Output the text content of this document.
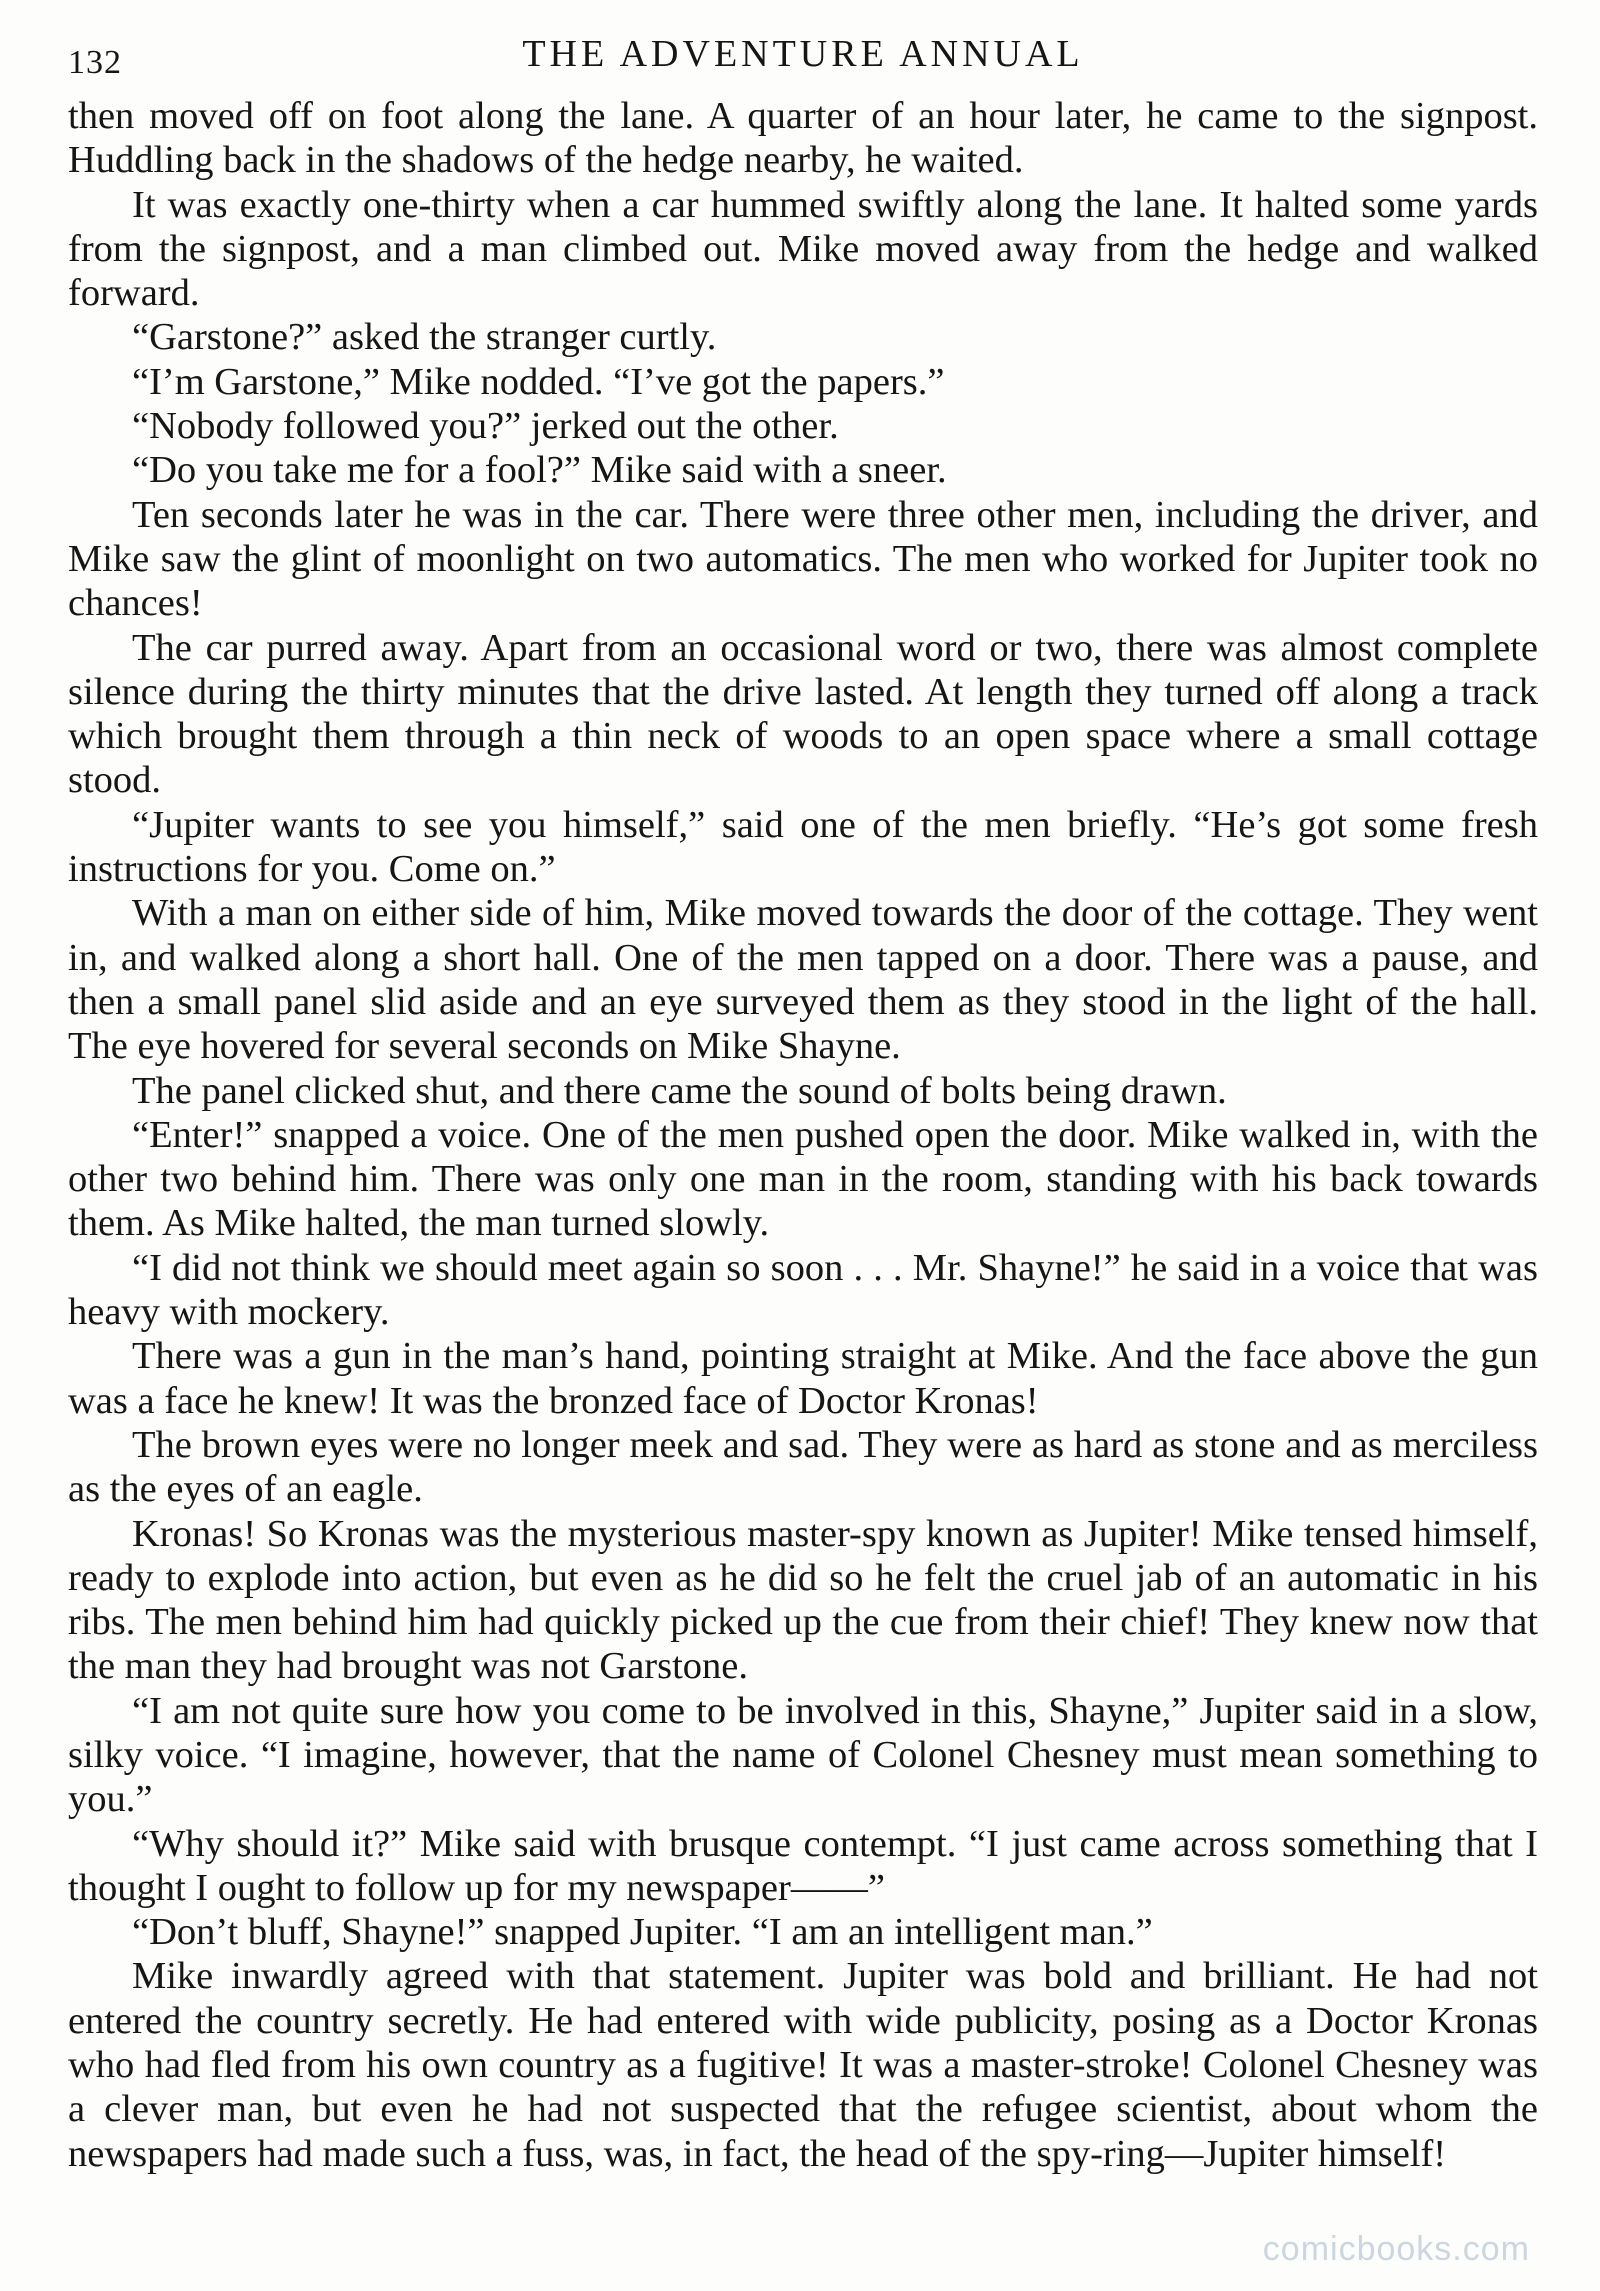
132	THE ADVENTURE ANNUAL

then moved off on foot along the lane. A quarter of an hour later, he came to the signpost. Huddling back in the shadows of the hedge nearby, he waited.

It was exactly one-thirty when a car hummed swiftly along the lane. It halted some yards from the signpost, and a man climbed out. Mike moved away from the hedge and walked forward.

“Garstone?” asked the stranger curtly.

“I’m Garstone,” Mike nodded. “I’ve got the papers.”

“Nobody followed you?” jerked out the other.

“Do you take me for a fool?” Mike said with a sneer.

Ten seconds later he was in the car. There were three other men, including the driver, and Mike saw the glint of moonlight on two automatics. The men who worked for Jupiter took no chances!

The car purred away. Apart from an occasional word or two, there was almost complete silence during the thirty minutes that the drive lasted. At length they turned off along a track which brought them through a thin neck of woods to an open space where a small cottage stood.

“Jupiter wants to see you himself,” said one of the men briefly. “He’s got some fresh instructions for you. Come on.”

With a man on either side of him, Mike moved towards the door of the cottage. They went in, and walked along a short hall. One of the men tapped on a door. There was a pause, and then a small panel slid aside and an eye surveyed them as they stood in the light of the hall. The eye hovered for several seconds on Mike Shayne.

The panel clicked shut, and there came the sound of bolts being drawn.

“Enter!” snapped a voice. One of the men pushed open the door. Mike walked in, with the other two behind him. There was only one man in the room, standing with his back towards them. As Mike halted, the man turned slowly.

“I did not think we should meet again so soon . . . Mr. Shayne!” he said in a voice that was heavy with mockery.

There was a gun in the man’s hand, pointing straight at Mike. And the face above the gun was a face he knew! It was the bronzed face of Doctor Kronas!

The brown eyes were no longer meek and sad. They were as hard as stone and as merciless as the eyes of an eagle.

Kronas! So Kronas was the mysterious master-spy known as Jupiter! Mike tensed himself, ready to explode into action, but even as he did so he felt the cruel jab of an automatic in his ribs. The men behind him had quickly picked up the cue from their chief! They knew now that the man they had brought was not Garstone.

“I am not quite sure how you come to be involved in this, Shayne,” Jupiter said in a slow, silky voice. “I imagine, however, that the name of Colonel Chesney must mean something to you.”

“Why should it?” Mike said with brusque contempt. “I just came across something that I thought I ought to follow up for my newspaper——”

“Don’t bluff, Shayne!” snapped Jupiter. “I am an intelligent man.”

Mike inwardly agreed with that statement. Jupiter was bold and brilliant. He had not entered the country secretly. He had entered with wide publicity, posing as a Doctor Kronas who had fled from his own country as a fugitive! It was a master-stroke! Colonel Chesney was a clever man, but even he had not suspected that the refugee scientist, about whom the newspapers had made such a fuss, was, in fact, the head of the spy-ring—Jupiter himself!

comicbooks.com
